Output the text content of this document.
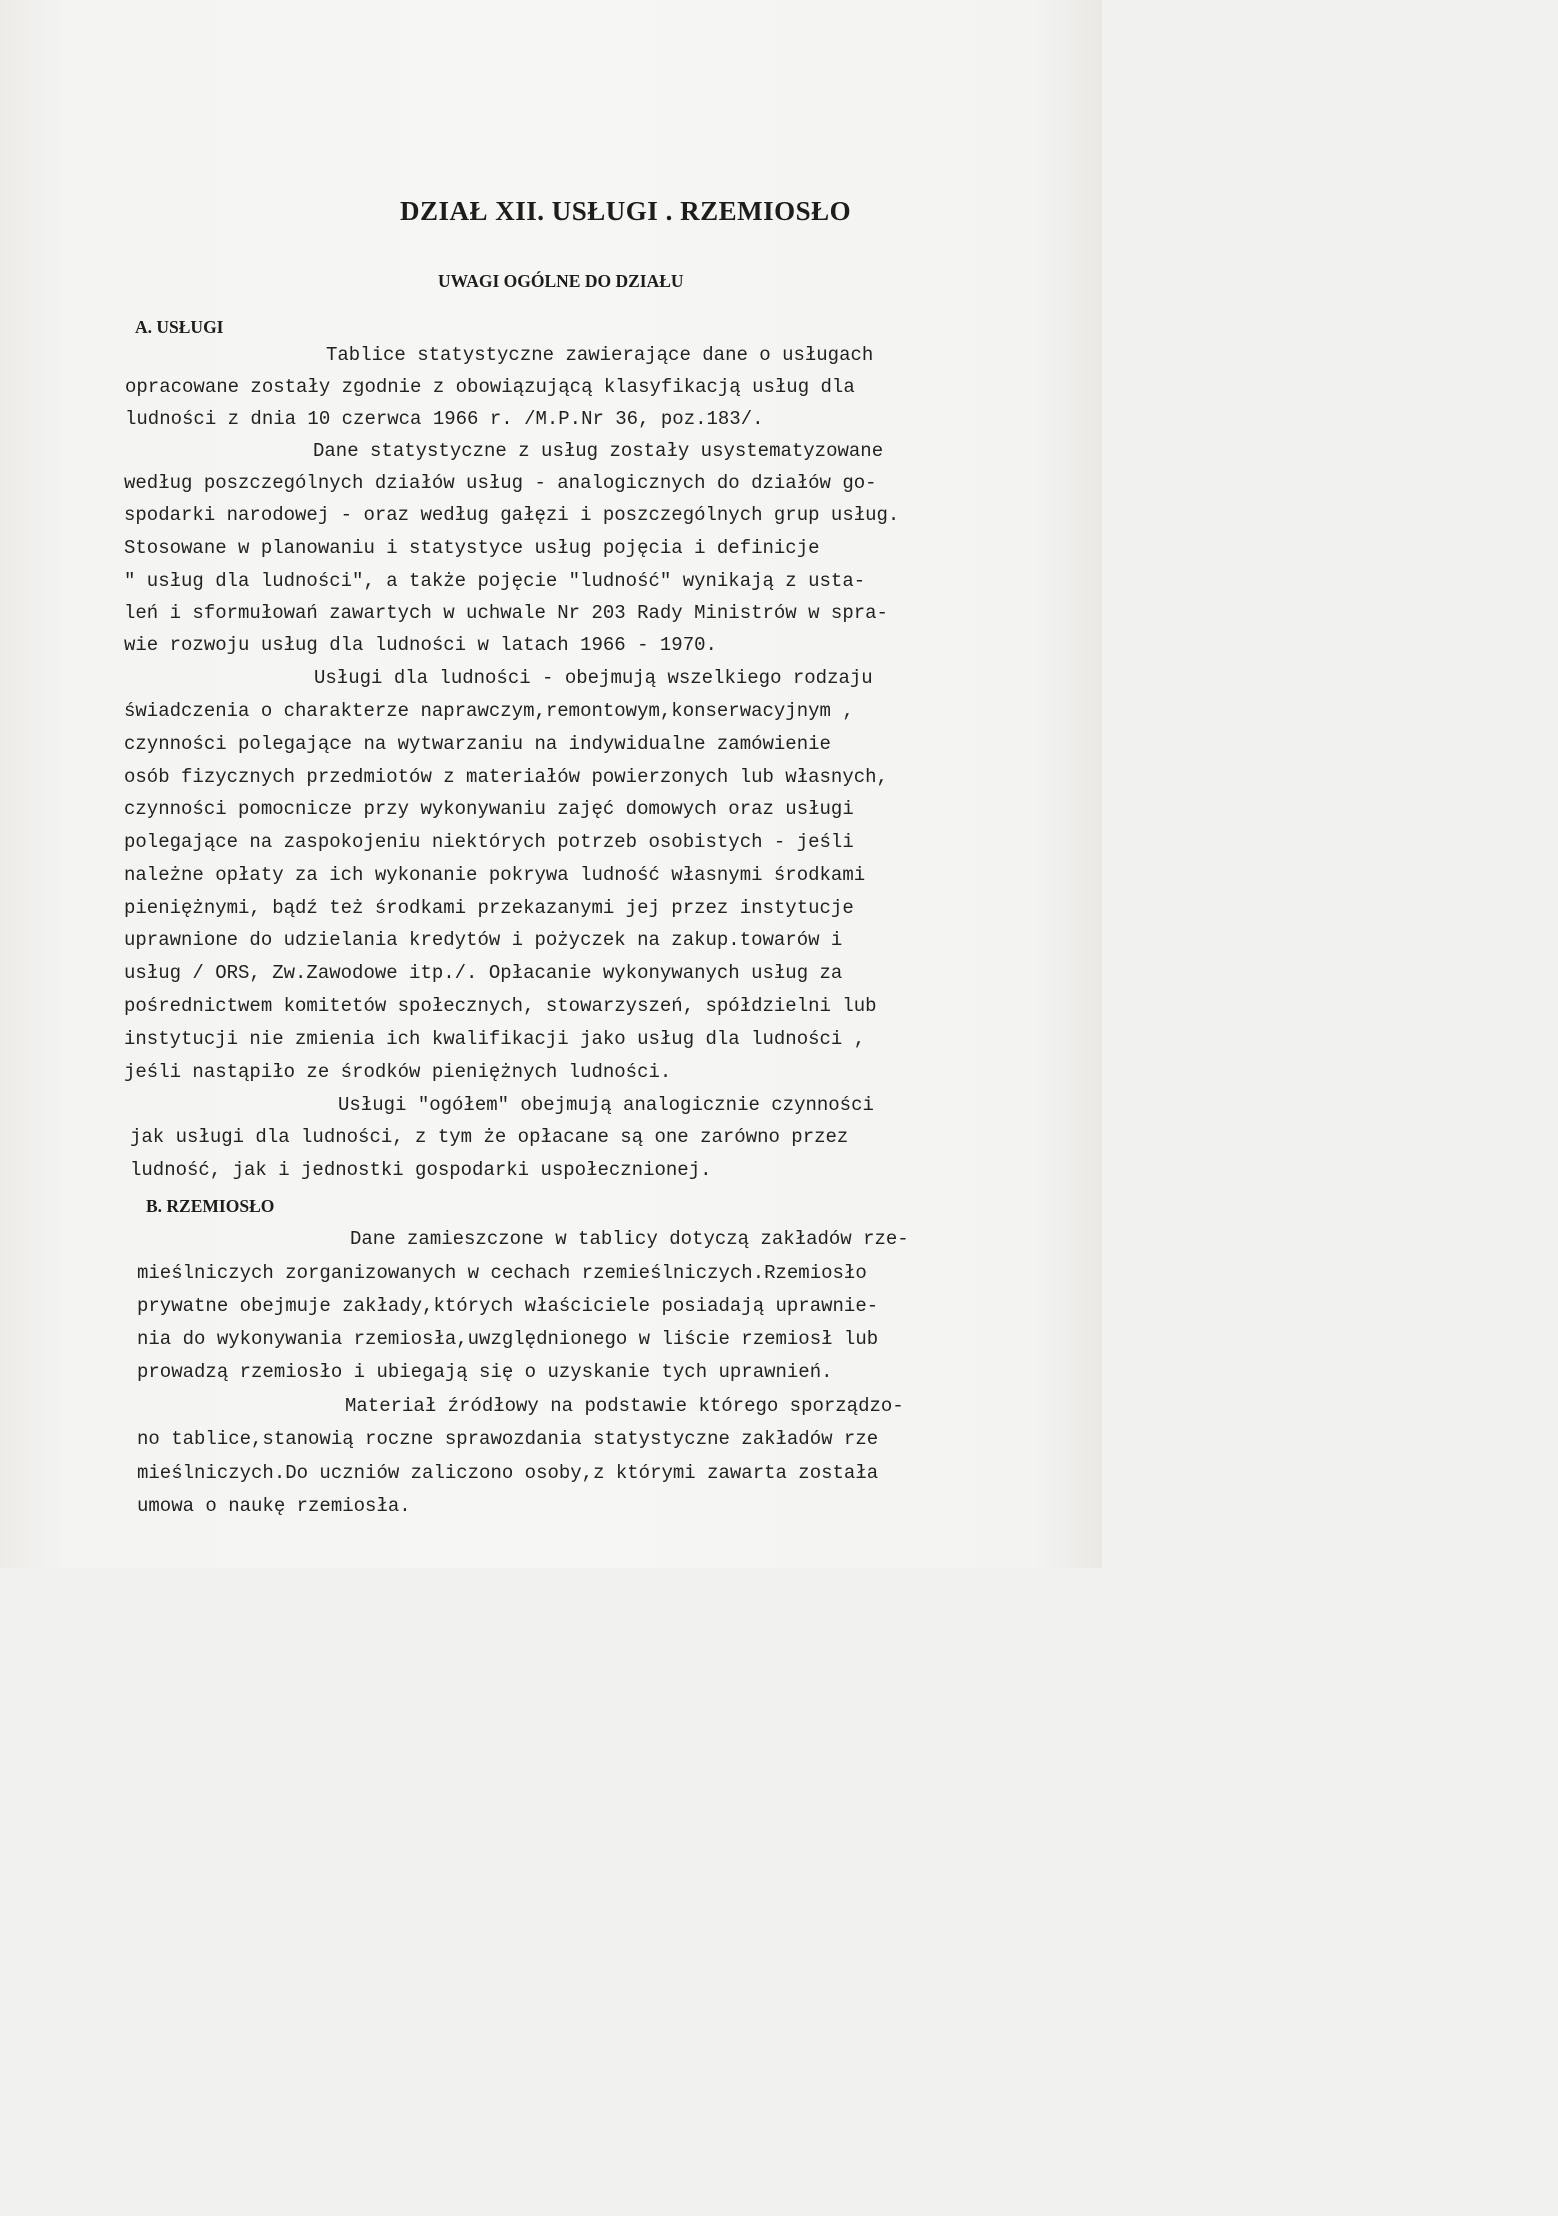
DZIAŁ XII. USŁUGI . RZEMIOSŁO
UWAGI OGÓLNE DO DZIAŁU
A. USŁUGI
Tablice statystyczne zawierające dane o usługach
opracowane zostały zgodnie z obowiązującą klasyfikacją usług dla
ludności z dnia 10 czerwca 1966 r. /M.P.Nr 36, poz.183/.
Dane statystyczne z usług zostały usystematyzowane
według poszczególnych działów usług - analogicznych do działów go-
spodarki narodowej - oraz według gałęzi i poszczególnych grup usług.
Stosowane w planowaniu i statystyce usług pojęcia i definicje
" usług dla ludności", a także pojęcie "ludność" wynikają z usta-
leń i sformułowań zawartych w uchwale Nr 203 Rady Ministrów w spra-
wie rozwoju usług dla ludności w latach 1966 - 1970.
Usługi dla ludności - obejmują wszelkiego rodzaju
świadczenia o charakterze naprawczym,remontowym,konserwacyjnym ,
czynności polegające na wytwarzaniu na indywidualne zamówienie
osób fizycznych przedmiotów z materiałów powierzonych lub własnych,
czynności pomocnicze przy wykonywaniu zajęć domowych oraz usługi
polegające na zaspokojeniu niektórych potrzeb osobistych - jeśli
należne opłaty za ich wykonanie pokrywa ludność własnymi środkami
pieniężnymi, bądź też środkami przekazanymi jej przez instytucje
uprawnione do udzielania kredytów i pożyczek na zakup.towarów i
usług / ORS, Zw.Zawodowe itp./. Opłacanie wykonywanych usług za
pośrednictwem komitetów społecznych, stowarzyszeń, spółdzielni lub
instytucji nie zmienia ich kwalifikacji jako usług dla ludności ,
jeśli nastąpiło ze środków pieniężnych ludności.
Usługi "ogółem" obejmują analogicznie czynności
jak usługi dla ludności, z tym że opłacane są one zarówno przez
ludność, jak i jednostki gospodarki uspołecznionej.
B. RZEMIOSŁO
Dane zamieszczone w tablicy dotyczą zakładów rze-
mieślniczych zorganizowanych w cechach rzemieślniczych.Rzemiosło
prywatne obejmuje zakłady,których właściciele posiadają uprawnie-
nia do wykonywania rzemiosła,uwzględnionego w liście rzemiosł lub
prowadzą rzemiosło i ubiegają się o uzyskanie tych uprawnień.
Materiał źródłowy na podstawie którego sporządzo-
no tablice,stanowią roczne sprawozdania statystyczne zakładów rze
mieślniczych.Do uczniów zaliczono osoby,z którymi zawarta została
umowa o naukę rzemiosła.
